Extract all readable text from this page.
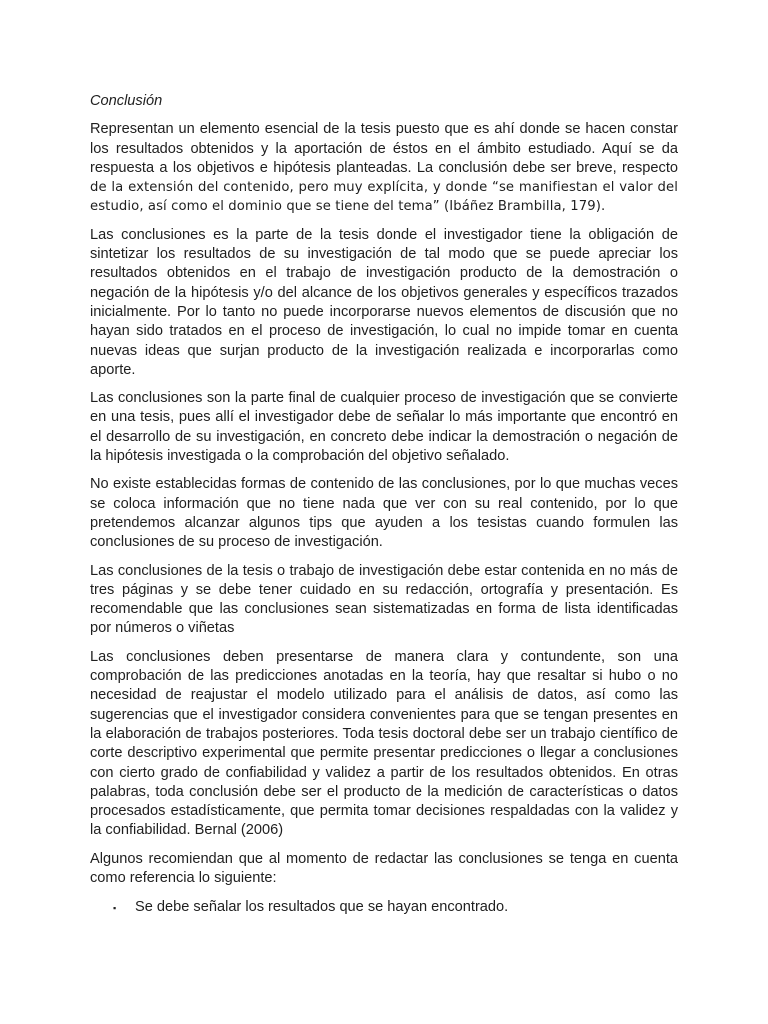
Conclusión

Representan un elemento esencial de la tesis puesto que es ahí donde se hacen constar los resultados obtenidos y la aportación de éstos en el ámbito estudiado. Aquí se da respuesta a los objetivos e hipótesis planteadas. La conclusión debe ser breve, respecto de la extensión del contenido, pero muy explícita, y donde “se manifiestan el valor del estudio, así como el dominio que se tiene del tema” (Ibáñez Brambilla, 179).

Las conclusiones es la parte de la tesis donde el investigador tiene la obligación de sintetizar los resultados de su investigación de tal modo que se puede apreciar los resultados obtenidos en el trabajo de investigación producto de la demostración o negación de la hipótesis y/o del alcance de los objetivos generales y específicos trazados inicialmente. Por lo tanto no puede incorporarse nuevos elementos de discusión que no hayan sido tratados en el proceso de investigación, lo cual no impide tomar en cuenta nuevas ideas que surjan producto de la investigación realizada e incorporarlas como aporte.

Las conclusiones son la parte final de cualquier proceso de investigación que se convierte en una tesis, pues allí el investigador debe de señalar lo más importante que encontró en el desarrollo de su investigación, en concreto debe indicar la demostración o negación de la hipótesis investigada o la comprobación del objetivo señalado.

No existe establecidas formas de contenido de las conclusiones, por lo que muchas veces se coloca información que no tiene nada que ver con su real contenido, por lo que pretendemos alcanzar algunos tips que ayuden a los tesistas cuando formulen las conclusiones de su proceso de investigación.

Las conclusiones de la tesis o trabajo de investigación debe estar contenida en no más de tres páginas y se debe tener cuidado en su redacción, ortografía y presentación. Es recomendable que las conclusiones sean sistematizadas en forma de lista identificadas por números o viñetas

Las conclusiones deben presentarse de manera clara y contundente, son una comprobación de las predicciones anotadas en la teoría, hay que resaltar si hubo o no necesidad de reajustar el modelo utilizado para el análisis de datos, así como las sugerencias que el investigador considera convenientes para que se tengan presentes en la elaboración de trabajos posteriores. Toda tesis doctoral debe ser un trabajo científico de corte descriptivo experimental que permite presentar predicciones o llegar a conclusiones con cierto grado de confiabilidad y validez a partir de los resultados obtenidos. En otras palabras, toda conclusión debe ser el producto de la medición de características o datos procesados estadísticamente, que permita tomar decisiones respaldadas con la validez y la confiabilidad. Bernal (2006)

Algunos recomiendan que al momento de redactar las conclusiones se tenga en cuenta como referencia lo siguiente:

▪	Se debe señalar los resultados que se hayan encontrado.
